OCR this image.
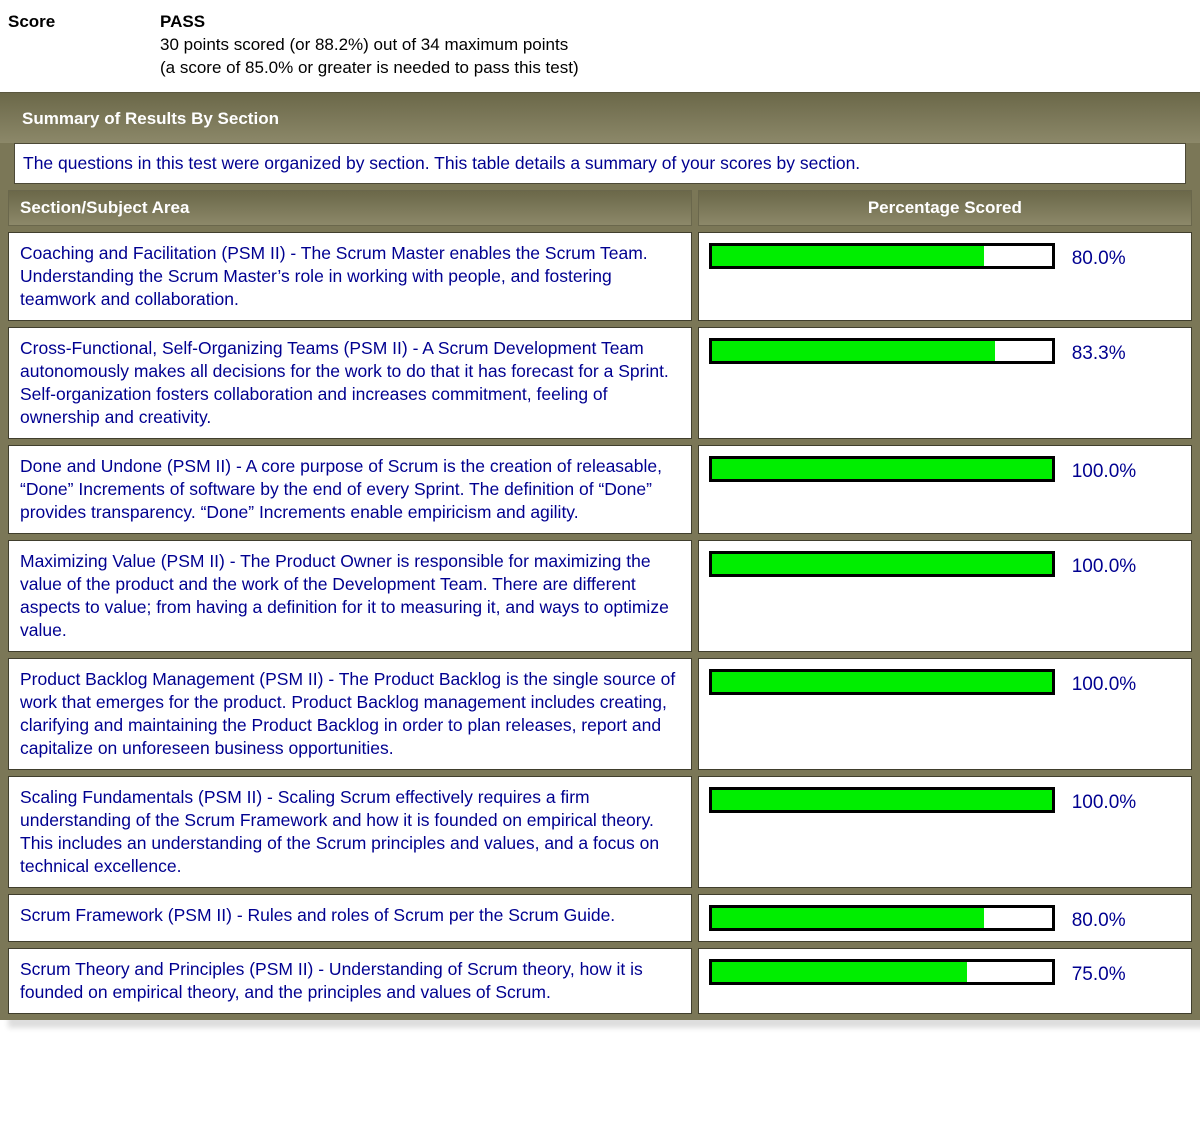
Score	PASS
30 points scored (or 88.2%) out of 34 maximum points
(a score of 85.0% or greater is needed to pass this test)
Summary of Results By Section
The questions in this test were organized by section. This table details a summary of your scores by section.
Section/Subject Area	Percentage Scored
Coaching and Facilitation (PSM II) - The Scrum Master enables the Scrum Team. Understanding the Scrum Master’s role in working with people, and fostering teamwork and collaboration.	
80.0%

Cross-Functional, Self-Organizing Teams (PSM II) - A Scrum Development Team autonomously makes all decisions for the work to do that it has forecast for a Sprint. Self-organization fosters collaboration and increases commitment, feeling of ownership and creativity.	
83.3%

Done and Undone (PSM II) - A core purpose of Scrum is the creation of releasable, “Done” Increments of software by the end of every Sprint. The definition of “Done” provides transparency. “Done” Increments enable empiricism and agility.	
100.0%

Maximizing Value (PSM II) - The Product Owner is responsible for maximizing the value of the product and the work of the Development Team. There are different aspects to value; from having a definition for it to measuring it, and ways to optimize value.	
100.0%

Product Backlog Management (PSM II) - The Product Backlog is the single source of work that emerges for the product. Product Backlog management includes creating, clarifying and maintaining the Product Backlog in order to plan releases, report and capitalize on unforeseen business opportunities.	
100.0%

Scaling Fundamentals (PSM II) - Scaling Scrum effectively requires a firm understanding of the Scrum Framework and how it is founded on empirical theory. This includes an understanding of the Scrum principles and values, and a focus on technical excellence.	
100.0%

Scrum Framework (PSM II) - Rules and roles of Scrum per the Scrum Guide.	80.0%

Scrum Theory and Principles (PSM II) - Understanding of Scrum theory, how it is founded on empirical theory, and the principles and values of Scrum.	
75.0%
